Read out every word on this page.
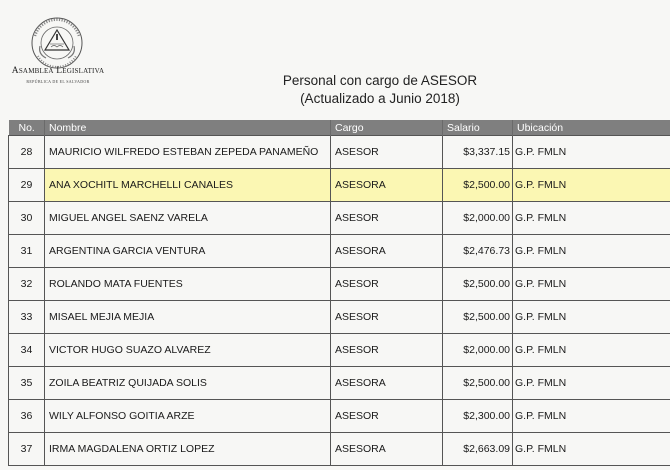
Asamblea Legislativa
REPÚBLICA DE EL SALVADOR	Personal con cargo de ASESOR
(Actualizado a Junio 2018)
No.	Nombre	Cargo	Salario	Ubicación
28	MAURICIO WILFREDO ESTEBAN ZEPEDA PANAMEÑO	ASESOR	$3,337.15	G.P. FMLN
29	ANA XOCHITL MARCHELLI CANALES	ASESORA	$2,500.00	G.P. FMLN
30	MIGUEL ANGEL SAENZ VARELA	ASESOR	$2,000.00	G.P. FMLN
31	ARGENTINA GARCIA VENTURA	ASESORA	$2,476.73	G.P. FMLN
32	ROLANDO MATA FUENTES	ASESOR	$2,500.00	G.P. FMLN
33	MISAEL MEJIA MEJIA	ASESOR	$2,500.00	G.P. FMLN
34	VICTOR HUGO SUAZO ALVAREZ	ASESOR	$2,000.00	G.P. FMLN
35	ZOILA BEATRIZ QUIJADA SOLIS	ASESORA	$2,500.00	G.P. FMLN
36	WILY ALFONSO GOITIA ARZE	ASESOR	$2,300.00	G.P. FMLN
37	IRMA MAGDALENA ORTIZ LOPEZ	ASESORA	$2,663.09	G.P. FMLN
